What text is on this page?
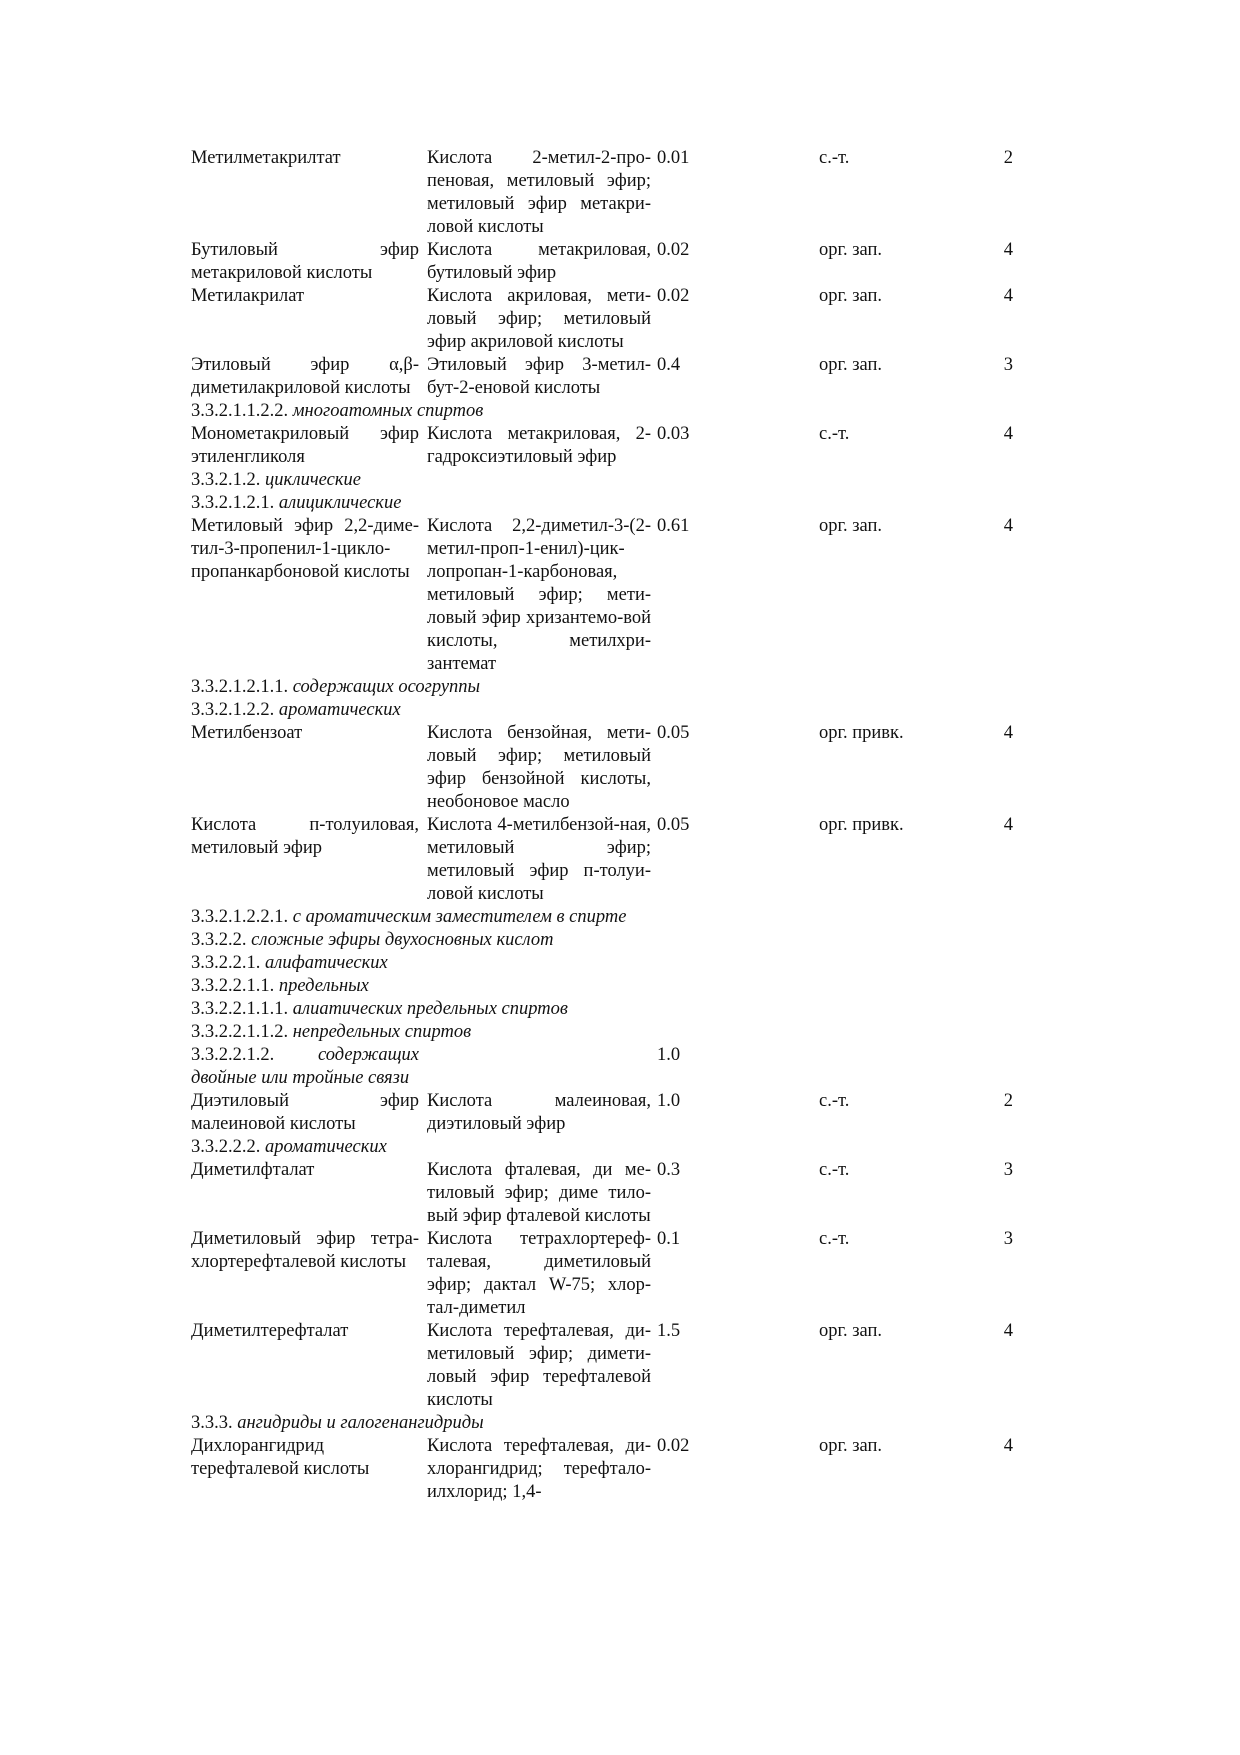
Метилметакрилтат	Кислота 2-метил-2-про-пеновая, метиловый эфир; метиловый эфир метакри-ловой кислоты	0.01	с.-т.	2
Бутиловый эфир метакриловой кислоты	Кислота метакриловая, бутиловый эфир	0.02	орг. зап.	4
Метилакрилат	Кислота акриловая, мети-ловый эфир; метиловый эфир акриловой кислоты	0.02	орг. зап.	4
Этиловый эфир α,β-диметилакриловой кислоты	Этиловый эфир 3-метил-бут-2-еновой кислоты	0.4	орг. зап.	3
3.3.2.1.1.2.2. многоатомных спиртов				
Монометакриловый эфир этиленгликоля	Кислота метакриловая, 2-гадроксиэтиловый эфир	0.03	с.-т.	4
3.3.2.1.2. циклические				
3.3.2.1.2.1. алициклические				
Метиловый эфир 2,2-диме-тил-3-пропенил-1-цикло-пропанкарбоновой кислоты	Кислота 2,2-диметил-3-(2-метил-проп-1-енил)-цик-лопропан-1-карбоновая, метиловый эфир; мети-ловый эфир хризантемо-вой кислоты, метилхри-зантемат	0.61	орг. зап.	4
3.3.2.1.2.1.1. содержащих осогруппы				
3.3.2.1.2.2. ароматических				
Метилбензоат	Кислота бензойная, мети-ловый эфир; метиловый эфир бензойной кислоты, необоновое масло	0.05	орг. привк.	4
Кислота п-толуиловая, метиловый эфир	Кислота 4-метилбензой-ная, метиловый эфир; метиловый эфир п-толуи-ловой кислоты	0.05	орг. привк.	4
3.3.2.1.2.2.1. с ароматическим заместителем в спирте				
3.3.2.2. сложные эфиры двухосновных кислот				
3.3.2.2.1. алифатических				
3.3.2.2.1.1. предельных				
3.3.2.2.1.1.1. алиатических предельных спиртов				
3.3.2.2.1.1.2. непредельных спиртов				
3.3.2.2.1.2. содержащих двойные или тройные связи		1.0		
Диэтиловый эфир малеиновой кислоты	Кислота малеиновая, диэтиловый эфир	1.0	с.-т.	2
3.3.2.2.2. ароматических				
Диметилфталат	Кислота фталевая, ди ме-тиловый эфир; диме тило-вый эфир фталевой кислоты	0.3	с.-т.	3
Диметиловый эфир тетра-хлортерефталевой кислоты	Кислота тетрахлортереф-талевая, диметиловый эфир; дактал W-75; хлор-тал-диметил	0.1	с.-т.	3
Диметилтерефталат	Кислота терефталевая, ди- метиловый эфир; димети-ловый эфир терефталевой кислоты	1.5	орг. зап.	4
3.3.3. ангидриды и галогенангидриды				
Дихлорангидрид терефталевой кислоты	Кислота терефталевая, ди-хлорангидрид; терефтало-илхлорид; 1,4-	0.02	орг. зап.	4
